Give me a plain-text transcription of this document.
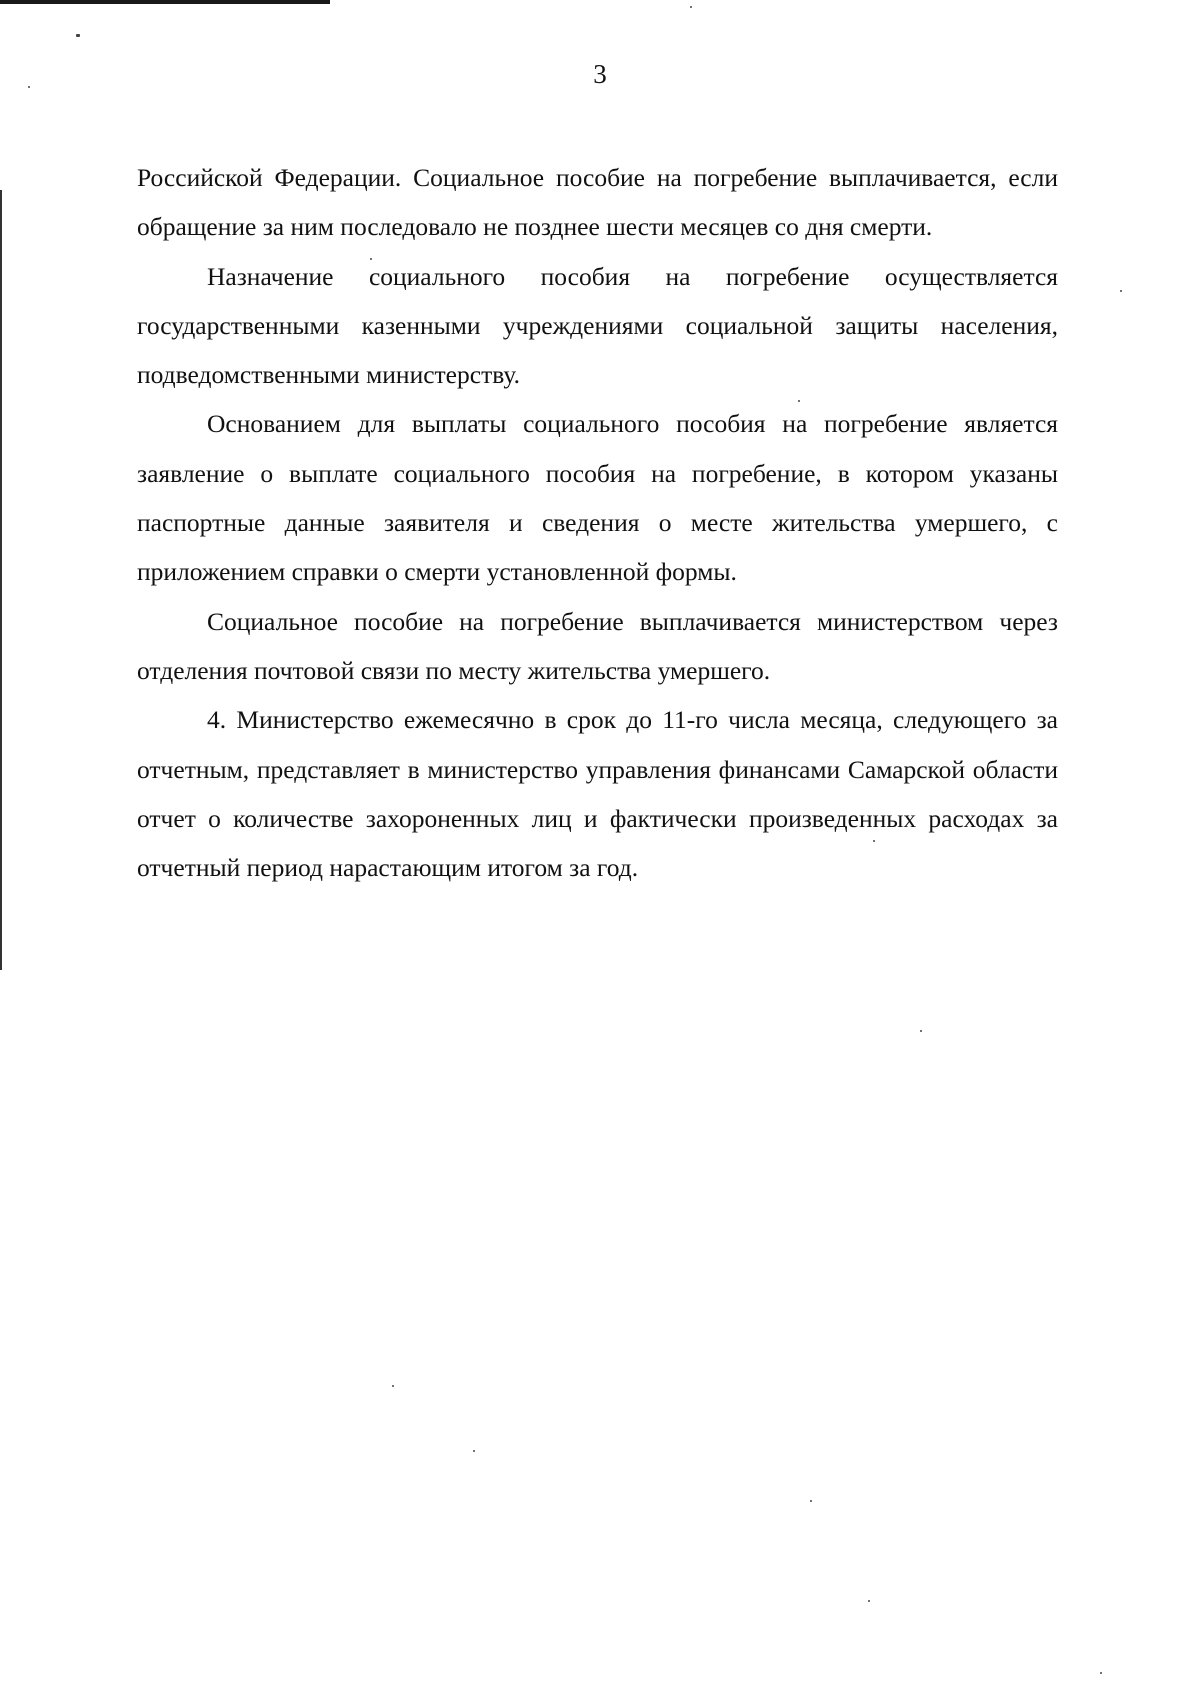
3

Российской Федерации. Социальное пособие на погребение выплачивается, если обращение за ним последовало не позднее шести месяцев со дня смерти.

Назначение социального пособия на погребение осуществляется государственными казенными учреждениями социальной защиты населения, подведомственными министерству.

Основанием для выплаты социального пособия на погребение является заявление о выплате социального пособия на погребение, в котором указаны паспортные данные заявителя и сведения о месте жительства умершего, с приложением справки о смерти установленной формы.

Социальное пособие на погребение выплачивается министерством через отделения почтовой связи по месту жительства умершего.

4. Министерство ежемесячно в срок до 11-го числа месяца, следующего за отчетным, представляет в министерство управления финансами Самарской области отчет о количестве захороненных лиц и фактически произведенных расходах за отчетный период нарастающим итогом за год.
